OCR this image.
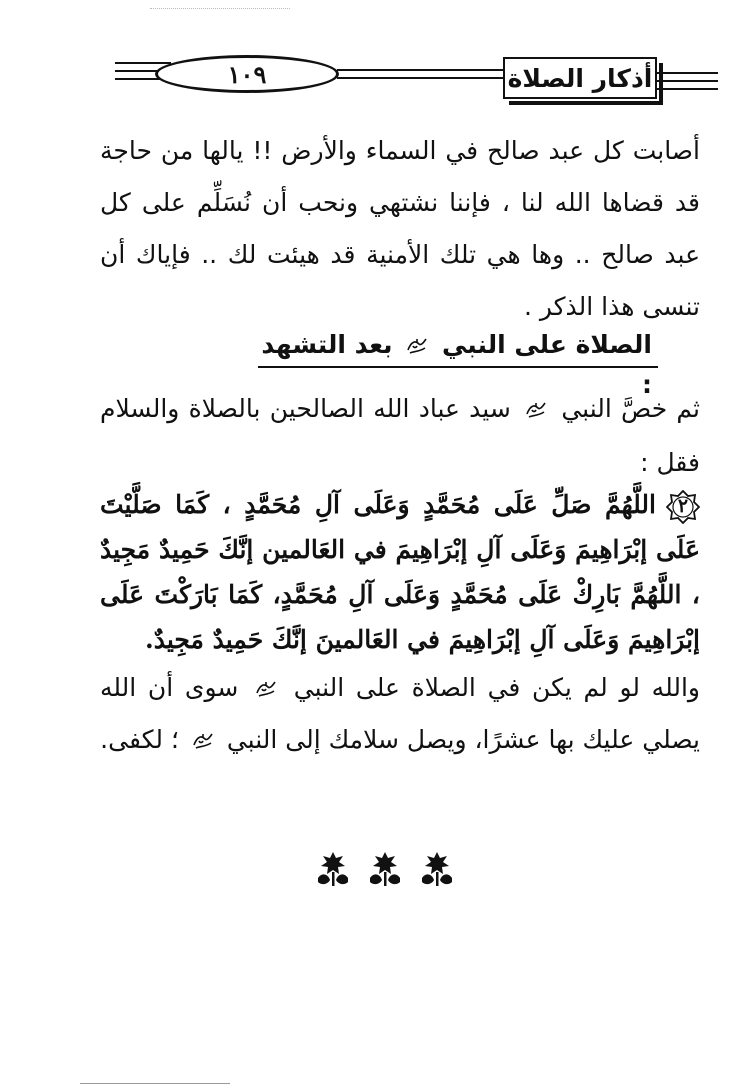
١٠٩	أذكار الصلاة
أصابت كل عبد صالح في السماء والأرض !! يالها من حاجة قد قضاها الله لنا ، فإننا نشتهي ونحب أن نُسَلِّم على كل عبد صالح .. وها هي تلك الأمنية قد هيئت لك .. فإياك أن تنسى هذا الذكر .
الصلاة على النبي  بعد التشهد :
ثم خصَّ النبي  سيد عباد الله الصالحين بالصلاة والسلام فقل :
٢
اللَّهُمَّ صَلِّ عَلَى مُحَمَّدٍ وَعَلَى آلِ مُحَمَّدٍ ، كَمَا صَلَّيْتَ عَلَى إبْرَاهِيمَ وَعَلَى آلِ إبْرَاهِيمَ في العَالمين إنَّكَ حَمِيدٌ مَجِيدٌ ، اللَّهُمَّ بَارِكْ عَلَى مُحَمَّدٍ وَعَلَى آلِ مُحَمَّدٍ، كَمَا بَارَكْتَ عَلَى إبْرَاهِيمَ وَعَلَى آلِ إبْرَاهِيمَ في العَالمينَ إنَّكَ حَمِيدٌ مَجِيدٌ.
والله لو لم يكن في الصلاة على النبي  سوى أن الله يصلي عليك بها عشرًا، ويصل سلامك إلى النبي  ؛ لكفى.
